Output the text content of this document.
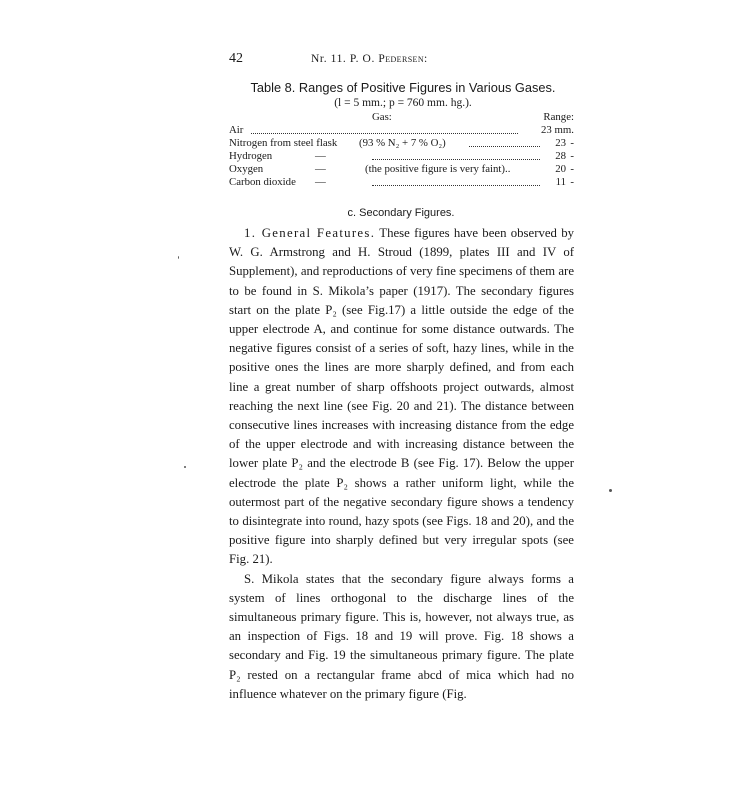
42	Nr. 11. P. O. Pedersen:
Table 8. Ranges of Positive Figures in Various Gases.
(l = 5 mm.; p = 760 mm. hg.).
Gas:	Range:
Air	23 mm.
Nitrogen from steel flask (93 % N₂ + 7 % O₂)	23 -
Hydrogen	—	28 -
Oxygen	—	(the positive figure is very faint)..	20 -
Carbon dioxide —	11 -
c. Secondary Figures.

1. General Features. These figures have been observed by W. G. Armstrong and H. Stroud (1899, plates III and IV of Supplement), and reproductions of very fine specimens of them are to be found in S. Mikola’s paper (1917). The secondary figures start on the plate P₂ (see Fig.17) a little outside the edge of the upper electrode A, and continue for some distance outwards. The negative figures consist of a series of soft, hazy lines, while in the positive ones the lines are more sharply defined, and from each line a great number of sharp offshoots project outwards, almost reaching the next line (see Fig. 20 and 21). The distance between consecutive lines increases with increasing distance from the edge of the upper electrode and with increasing distance between the lower plate P₂ and the electrode B (see Fig. 17). Below the upper electrode the plate P₂ shows a rather uniform light, while the outermost part of the negative secondary figure shows a tendency to disintegrate into round, hazy spots (see Figs. 18 and 20), and the positive figure into sharply defined but very irregular spots (see Fig. 21).

S. Mikola states that the secondary figure always forms a system of lines orthogonal to the discharge lines of the simultaneous primary figure. This is, however, not always true, as an inspection of Figs. 18 and 19 will prove. Fig. 18 shows a secondary and Fig. 19 the simultaneous primary figure. The plate P₂ rested on a rectangular frame abcd of mica which had no influence whatever on the primary figure (Fig.
